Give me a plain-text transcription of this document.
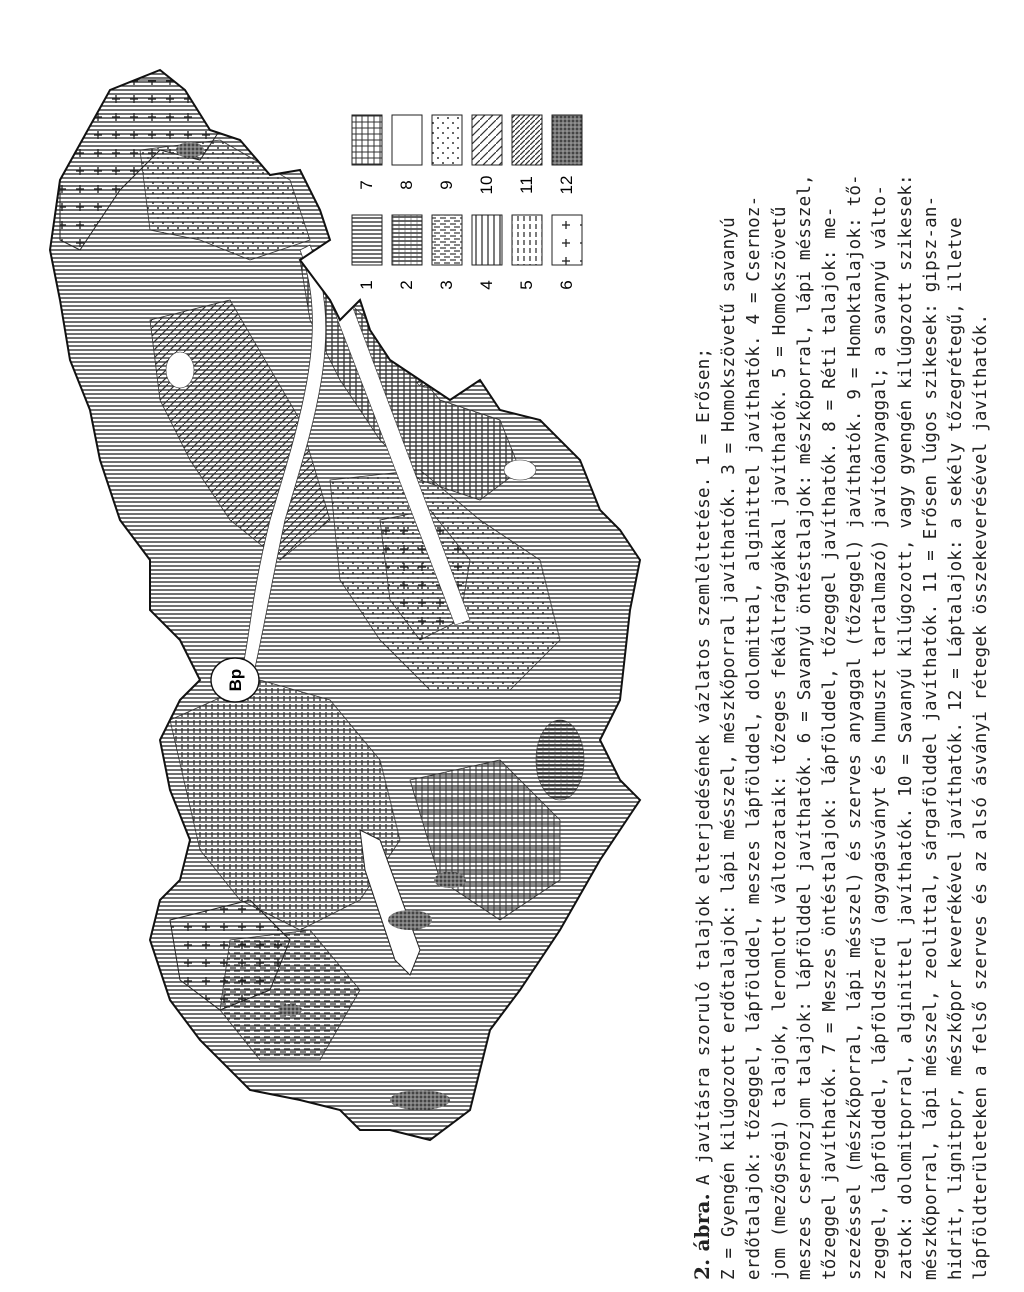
Bp
1 2 3 4 5 6
7 8 9 10 11 12
2. ábra.A javításra szoruló talajok elterjedésének vázlatos szemléltetése. 1 = Erősen; Z = Gyengén kilúgozott erdőtalajok: lápi mésszel, mészkőporral javíthatók. 3 = Homokszövetű savanyú erdőtalajok: tőzeggel, lápfölddel, meszes lápfölddel, dolomittal, alginittel javíthatók. 4 = Csernoz- jom (mezőgségi) talajok, leromlott változataik: tőzeges fekáltrágyákkal javíthatók. 5 = Homokszövetű meszes csernozjom talajok: lápfölddel javíthatók. 6 = Savanyú öntéstalajok: mészkőporral, lápi mésszel, tőzeggel javíthatók. 7 = Meszes öntéstalajok: lápfölddel, tőzeggel javíthatók. 8 = Réti talajok: me- szezéssel (mészkőporral, lápi mésszel) és szerves anyaggal (tőzeggel) javíthatók. 9 = Homoktalajok: tő- zeggel, lápfölddel, lápföldszerű (agyagásványt és humuszt tartalmazó) javítóanyaggal; a savanyú válto- zatok: dolomitporral, alginittel javíthatók. 10 = Savanyú kilúgozott, vagy gyengén kilúgozott szikesek: mészkőporral, lápi mésszel, zeolittal, sárgafölddel javíthatók. 11 = Erősen lúgos szikesek: gipsz-an- hidrit, lignitpor, mészkőpor keverékével javíthatók. 12 = Láptalajok: a sekély tőzegrétegű, illetve lápföldterületeken a felső szerves és az alsó ásványi rétegek összekeverésével javíthatók.
